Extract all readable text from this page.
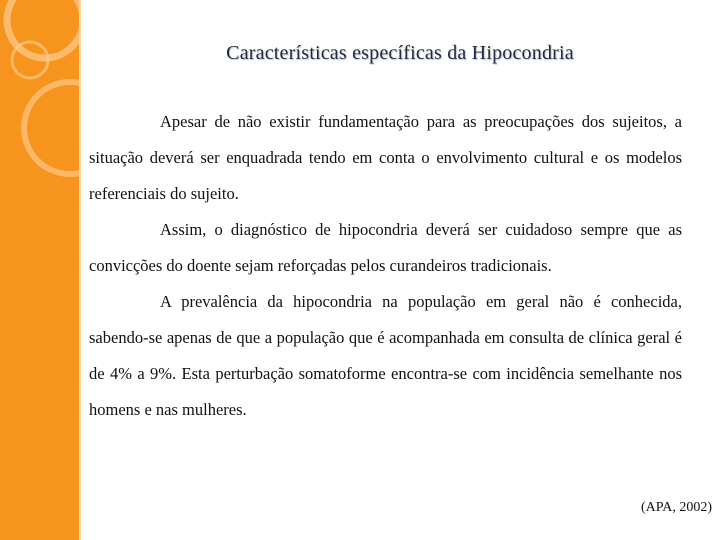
Características específicas da Hipocondria

Apesar de não existir fundamentação para as preocupações dos sujeitos, a situação deverá ser enquadrada tendo em conta o envolvimento cultural e os modelos referenciais do sujeito.

Assim, o diagnóstico de hipocondria deverá ser cuidadoso sempre que as convicções do doente sejam reforçadas pelos curandeiros tradicionais.

A prevalência da hipocondria na população em geral não é conhecida, sabendo-se apenas de que a população que é acompanhada em consulta de clínica geral é de 4% a 9%. Esta perturbação somatoforme encontra-se com incidência semelhante nos homens e nas mulheres.

(APA, 2002)
